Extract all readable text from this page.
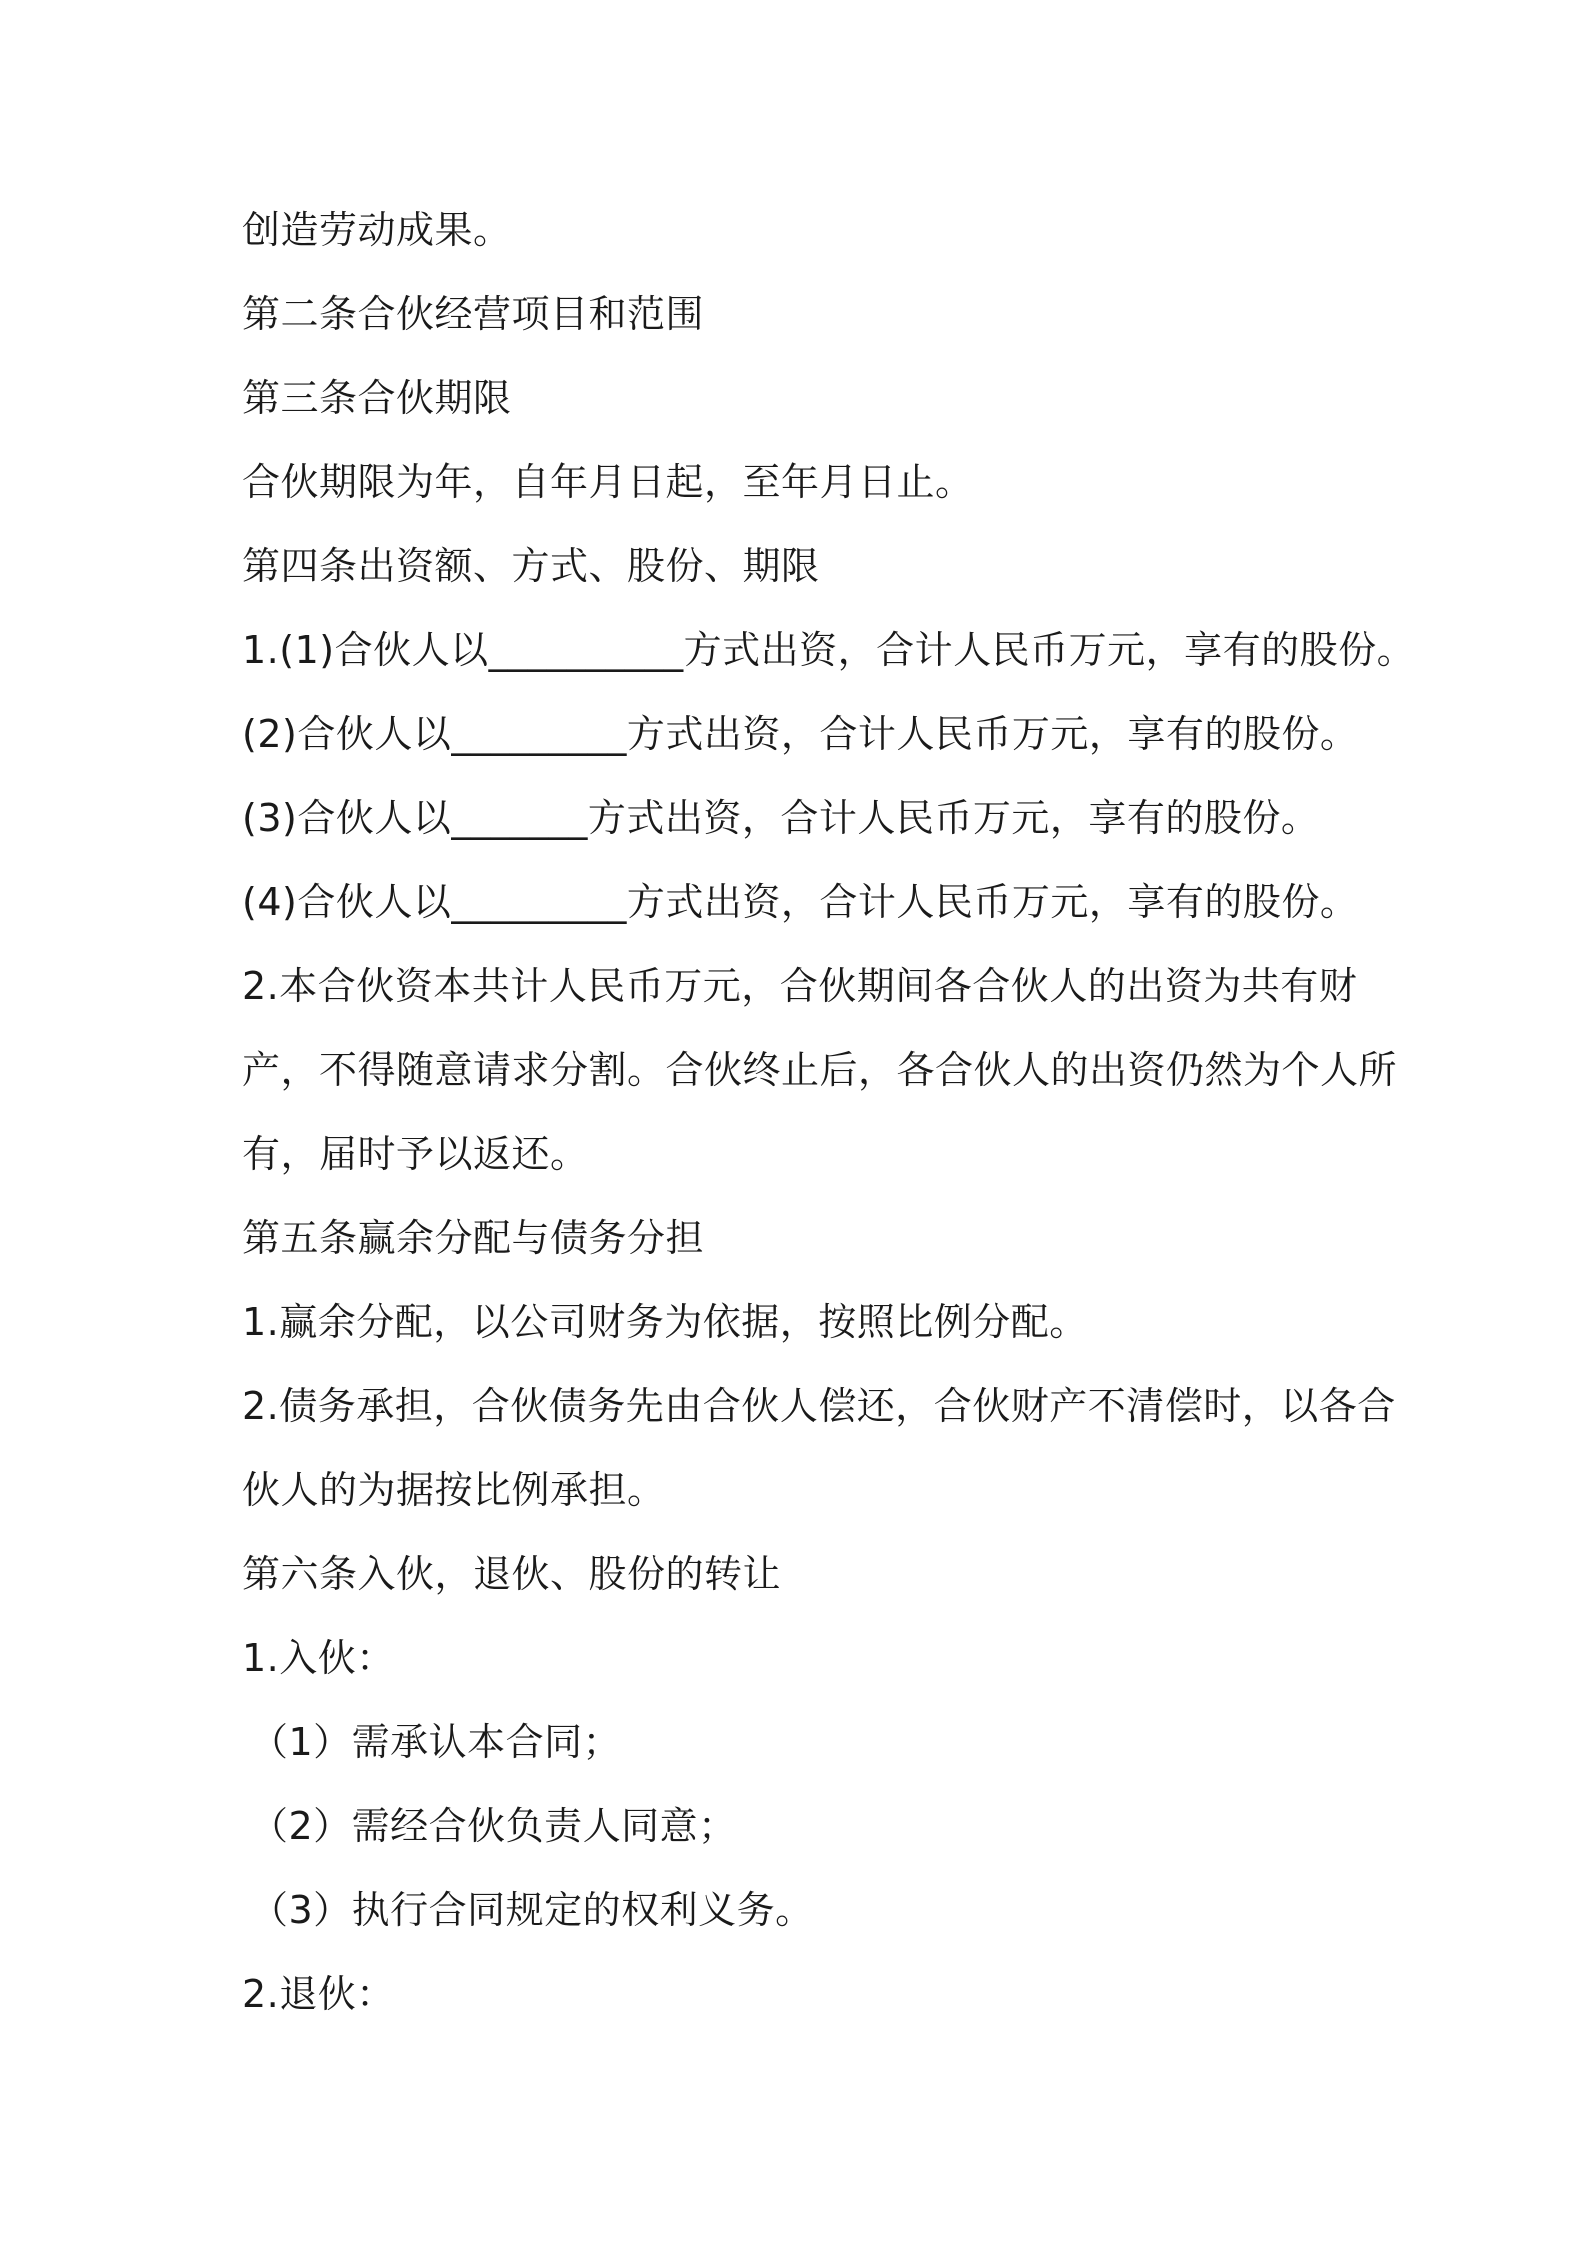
创造劳动成果。
第二条合伙经营项目和范围
第三条合伙期限
合伙期限为年，自年月日起，至年月日止。
第四条出资额、方式、股份、期限
1.(1)合伙人以__________方式出资，合计人民币万元，享有的股份。
(2)合伙人以_________方式出资，合计人民币万元，享有的股份。
(3)合伙人以_______方式出资，合计人民币万元，享有的股份。
(4)合伙人以_________方式出资，合计人民币万元，享有的股份。
2.本合伙资本共计人民币万元，合伙期间各合伙人的出资为共有财
产，不得随意请求分割。合伙终止后，各合伙人的出资仍然为个人所
有，届时予以返还。
第五条赢余分配与债务分担
1.赢余分配，以公司财务为依据，按照比例分配。
2.债务承担，合伙债务先由合伙人偿还，合伙财产不清偿时，以各合
伙人的为据按比例承担。
第六条入伙，退伙、股份的转让
1.入伙：
（1）需承认本合同；
（2）需经合伙负责人同意；
（3）执行合同规定的权利义务。
2.退伙：
